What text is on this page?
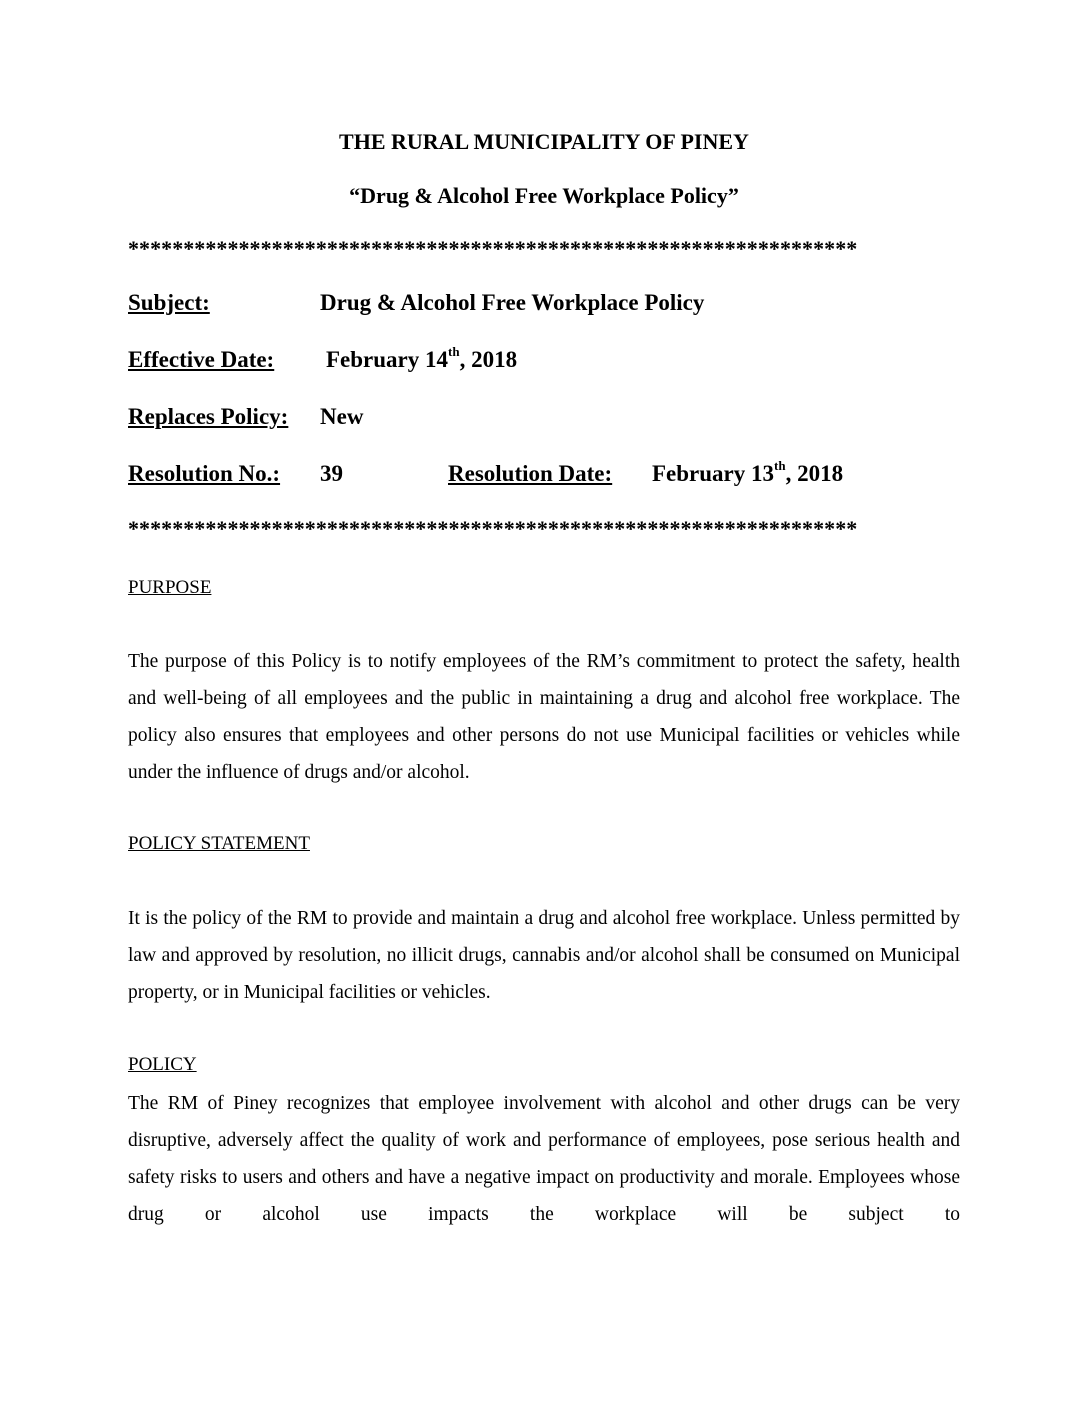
THE RURAL MUNICIPALITY OF PINEY
“Drug & Alcohol Free Workplace Policy”
******************************************************************
Subject:	Drug & Alcohol Free Workplace Policy
Effective Date: February 14th, 2018
Replaces Policy: New
Resolution No.: 39	Resolution Date: February 13th, 2018
******************************************************************
PURPOSE
The purpose of this Policy is to notify employees of the RM’s commitment to protect the safety, health and well-being of all employees and the public in maintaining a drug and alcohol free workplace. The policy also ensures that employees and other persons do not use Municipal facilities or vehicles while under the influence of drugs and/or alcohol.
POLICY STATEMENT
It is the policy of the RM to provide and maintain a drug and alcohol free workplace. Unless permitted by law and approved by resolution, no illicit drugs, cannabis and/or alcohol shall be consumed on Municipal property, or in Municipal facilities or vehicles.
POLICY
The RM of Piney recognizes that employee involvement with alcohol and other drugs can be very disruptive, adversely affect the quality of work and performance of employees, pose serious health and safety risks to users and others and have a negative impact on productivity and morale. Employees whose drug or alcohol use impacts the workplace will be subject to
